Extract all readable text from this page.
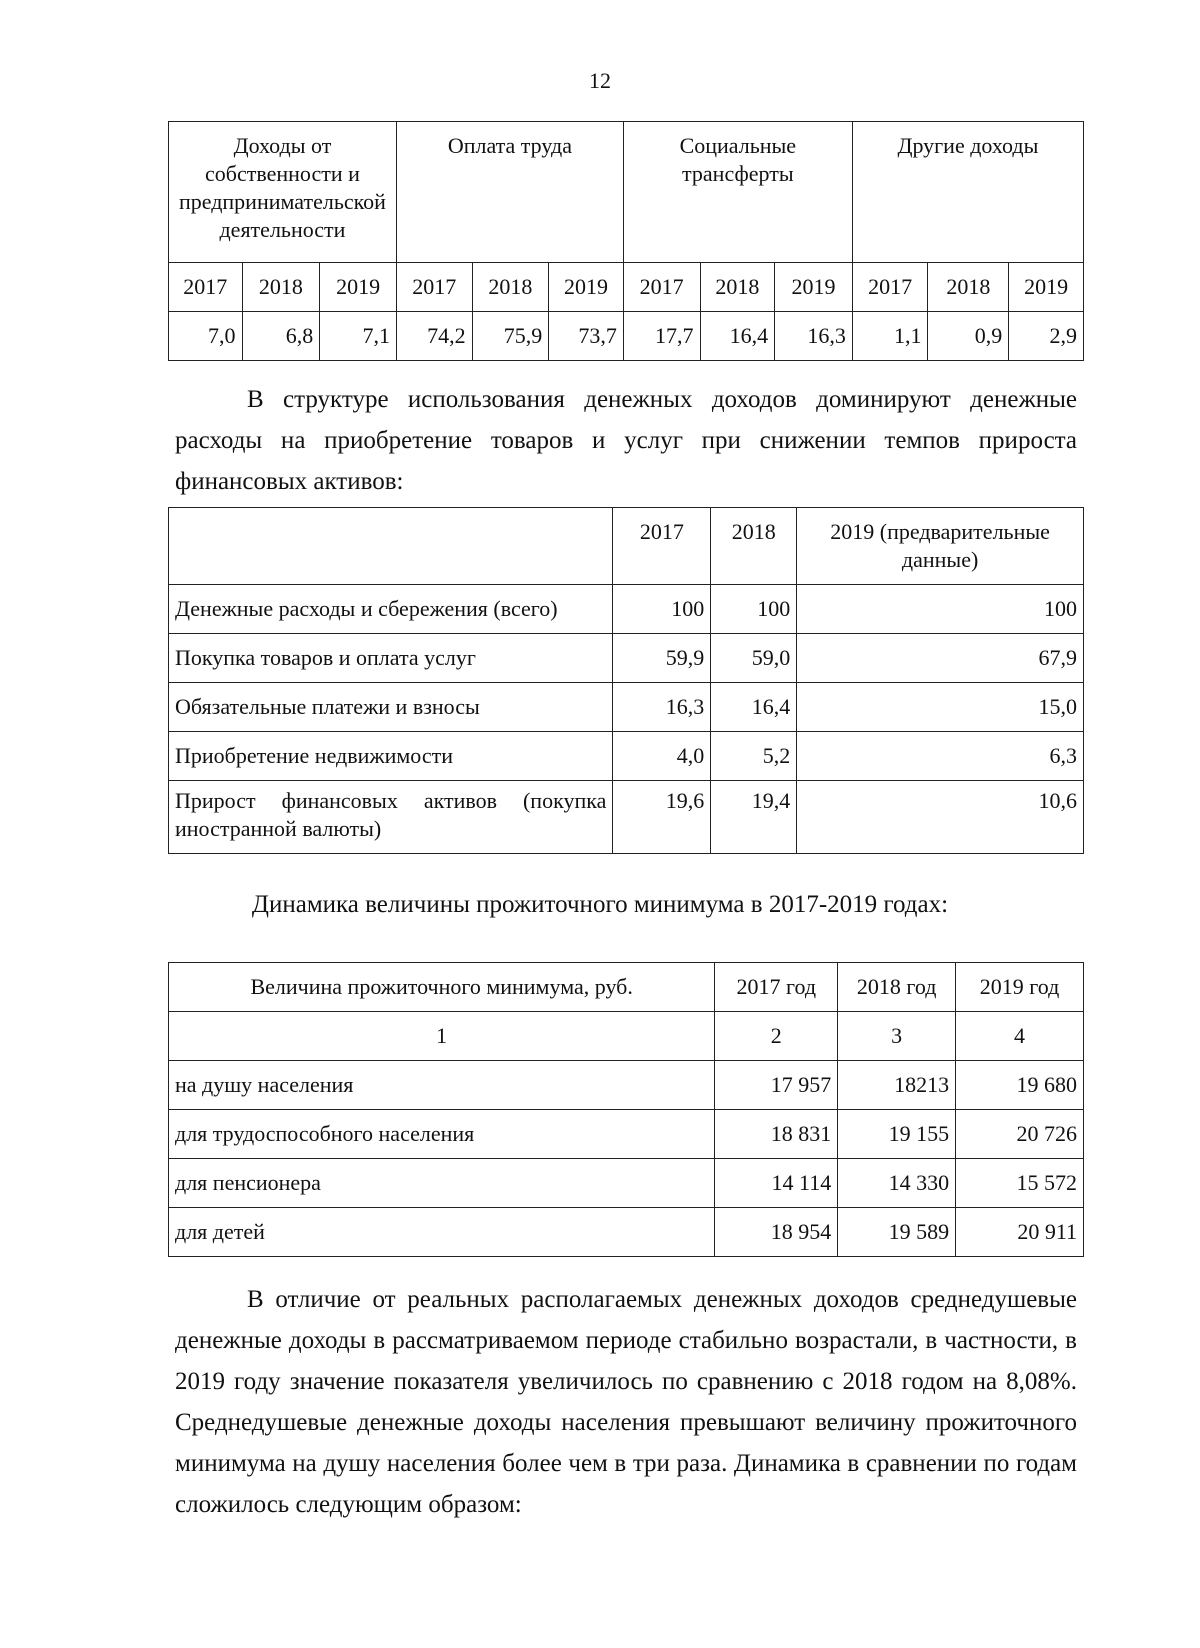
12
Доходы от собственности и предпринимательской деятельности			Оплата труда			Социальные трансферты			Другие доходы		
2017	2018	2019	2017	2018	2019	2017	2018	2019	2017	2018	2019
7,0	6,8	7,1	74,2	75,9	73,7	17,7	16,4	16,3	1,1	0,9	2,9
В структуре использования денежных доходов доминируют денежные расходы на приобретение товаров и услуг при снижении темпов прироста финансовых активов:
	2017	2018	2019 (предварительные данные)
Денежные расходы и сбережения (всего)	100	100	100
Покупка товаров и оплата услуг	59,9	59,0	67,9
Обязательные платежи и взносы	16,3	16,4	15,0
Приобретение недвижимости	4,0	5,2	6,3
Прирост финансовых активов (покупка иностранной валюты)	19,6	19,4	10,6
Динамика величины прожиточного минимума в 2017-2019 годах:
Величина прожиточного минимума, руб.	2017 год	2018 год	2019 год
1	2	3	4
на душу населения	17 957	18213	19 680
для трудоспособного населения	18 831	19 155	20 726
для пенсионера	14 114	14 330	15 572
для детей	18 954	19 589	20 911
В отличие от реальных располагаемых денежных доходов среднедушевые денежные доходы в рассматриваемом периоде стабильно возрастали, в частности, в 2019 году значение показателя увеличилось по сравнению с 2018 годом на 8,08%. Среднедушевые денежные доходы населения превышают величину прожиточного минимума на душу населения более чем в три раза. Динамика в сравнении по годам сложилось следующим образом:
